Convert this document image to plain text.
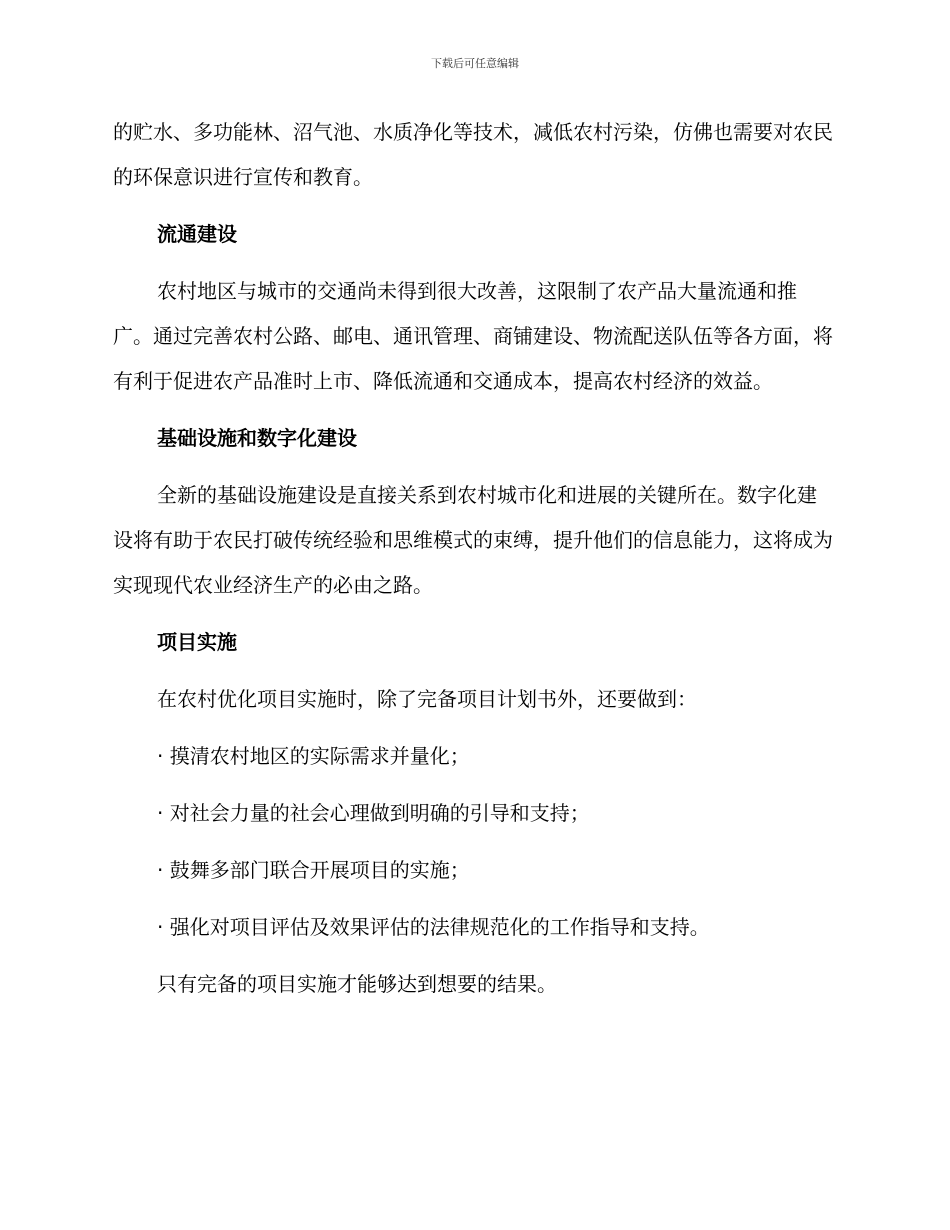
下载后可任意编辑

的贮水、多功能林、沼气池、水质净化等技术，减低农村污染，仿佛也需要对农民的环保意识进行宣传和教育。

流通建设

农村地区与城市的交通尚未得到很大改善，这限制了农产品大量流通和推广。通过完善农村公路、邮电、通讯管理、商铺建设、物流配送队伍等各方面，将有利于促进农产品准时上市、降低流通和交通成本，提高农村经济的效益。

基础设施和数字化建设

全新的基础设施建设是直接关系到农村城市化和进展的关键所在。数字化建设将有助于农民打破传统经验和思维模式的束缚，提升他们的信息能力，这将成为实现现代农业经济生产的必由之路。

项目实施

在农村优化项目实施时，除了完备项目计划书外，还要做到：

· 摸清农村地区的实际需求并量化；

· 对社会力量的社会心理做到明确的引导和支持；

· 鼓舞多部门联合开展项目的实施；

· 强化对项目评估及效果评估的法律规范化的工作指导和支持。

只有完备的项目实施才能够达到想要的结果。
